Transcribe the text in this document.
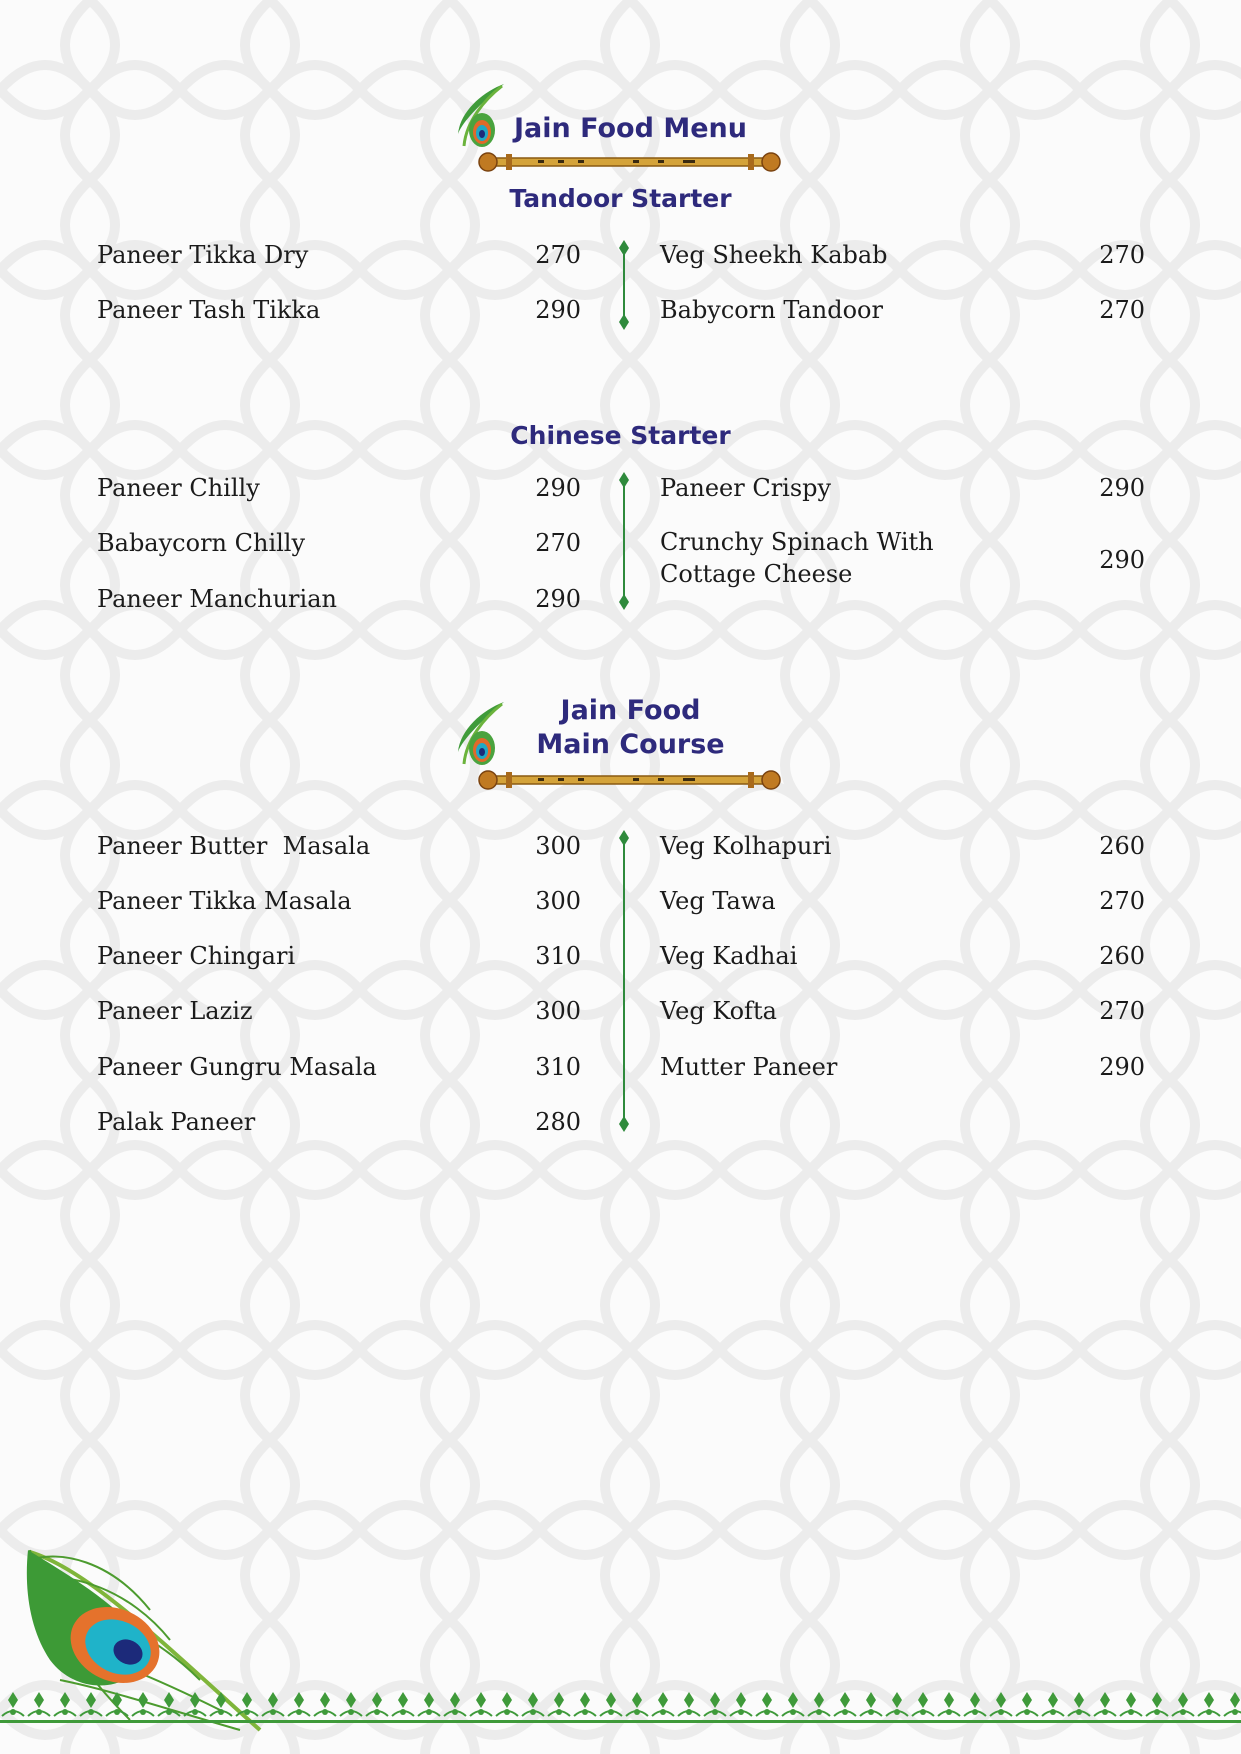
Jain Food Menu
Tandoor Starter
Paneer Tikka Dry	270
Paneer Tash Tikka	290
Veg Sheekh Kabab	270
Babycorn Tandoor	270
Chinese Starter
Paneer Chilly	290
Babaycorn Chilly	270
Paneer Manchurian	290
Paneer Crispy	290
Crunchy Spinach With Cottage Cheese	290
Jain Food
Main Course
Paneer Butter  Masala	300
Paneer Tikka Masala	300
Paneer Chingari	310
Paneer Laziz	300
Paneer Gungru Masala	310
Palak Paneer	280
Veg Kolhapuri	260
Veg Tawa	270
Veg Kadhai	260
Veg Kofta	270
Mutter Paneer	290
